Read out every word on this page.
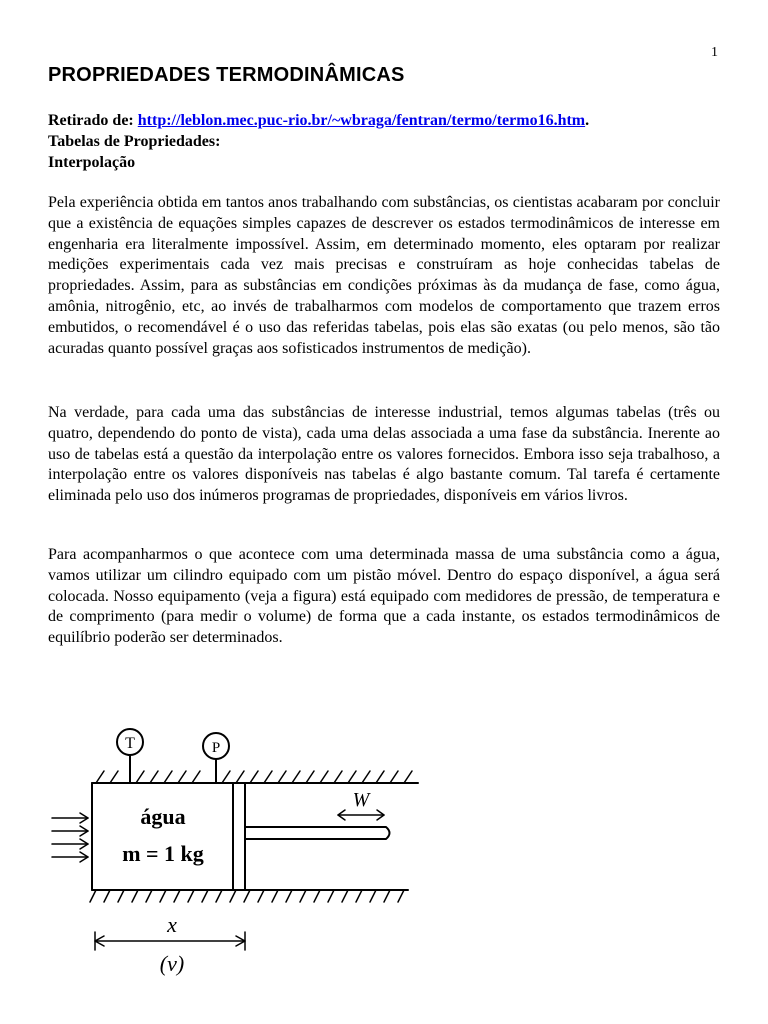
1
PROPRIEDADES TERMODINÂMICAS
Retirado de: http://leblon.mec.puc-rio.br/~wbraga/fentran/termo/termo16.htm.
Tabelas de Propriedades:
Interpolação

Pela experiência obtida em tantos anos trabalhando com substâncias, os cientistas acabaram por concluir que a existência de equações simples capazes de descrever os estados termodinâmicos de interesse em engenharia era literalmente impossível. Assim, em determinado momento, eles optaram por realizar medições experimentais cada vez mais precisas e construíram as hoje conhecidas tabelas de propriedades. Assim, para as substâncias em condições próximas às da mudança de fase, como água, amônia, nitrogênio, etc, ao invés de trabalharmos com modelos de comportamento que trazem erros embutidos, o recomendável é o uso das referidas tabelas, pois elas são exatas (ou pelo menos, são tão acuradas quanto possível graças aos sofisticados instrumentos de medição).

Na verdade, para cada uma das substâncias de interesse industrial, temos algumas tabelas (três ou quatro, dependendo do ponto de vista), cada uma delas associada a uma fase da substância. Inerente ao uso de tabelas está a questão da interpolação entre os valores fornecidos. Embora isso seja trabalhoso, a interpolação entre os valores disponíveis nas tabelas é algo bastante comum. Tal tarefa é certamente eliminada pelo uso dos inúmeros programas de propriedades, disponíveis em vários livros.

Para acompanharmos o que acontece com uma determinada massa de uma substância como a água, vamos utilizar um cilindro equipado com um pistão móvel. Dentro do espaço disponível, a água será colocada. Nosso equipamento (veja a figura) está equipado com medidores de pressão, de temperatura e de comprimento (para medir o volume) de forma que a cada instante, os estados termodinâmicos de equilíbrio poderão ser determinados.

T	P
W
água
m = 1 kg
x
(v)
